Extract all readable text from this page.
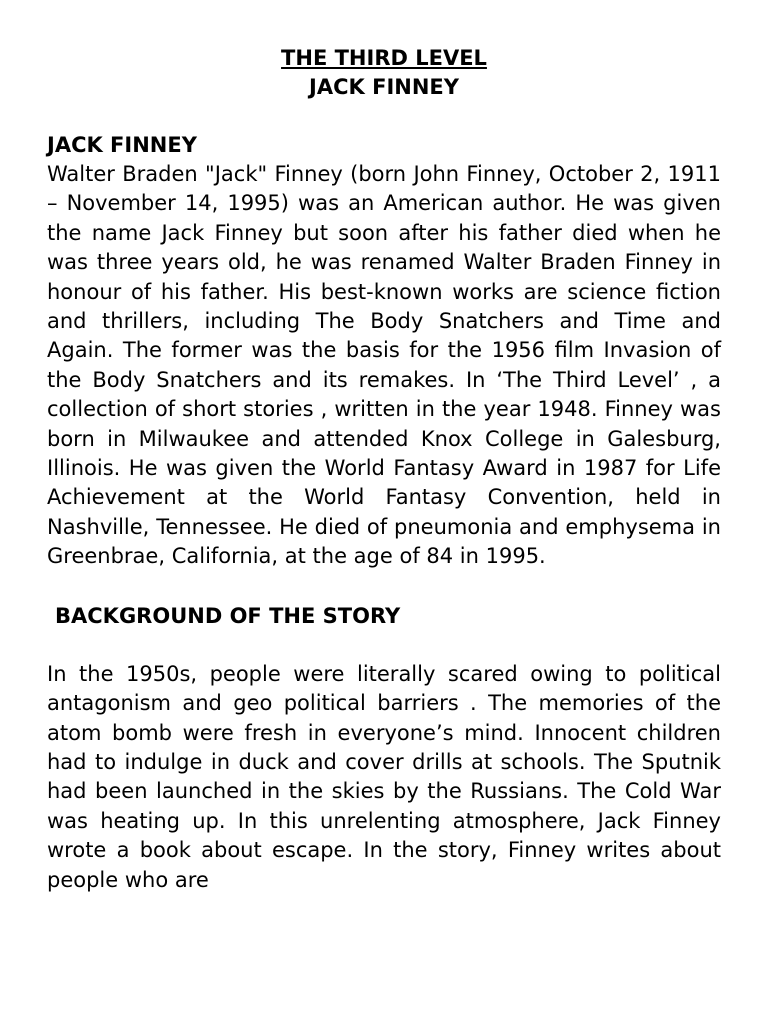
THE THIRD LEVEL
JACK FINNEY
JACK FINNEY

Walter Braden "Jack" Finney (born John Finney, October 2, 1911 – November 14, 1995) was an American author. He was given the name Jack Finney but soon after his father died when he was three years old, he was renamed Walter Braden Finney in honour of his father. His best-known works are science fiction and thrillers, including The Body Snatchers and Time and Again. The former was the basis for the 1956 film Invasion of the Body Snatchers and its remakes. In ‘The Third Level’ , a collection of short stories , written in the year 1948. Finney was born in Milwaukee and attended Knox College in Galesburg, Illinois. He was given the World Fantasy Award in 1987 for Life Achievement at the World Fantasy Convention, held in Nashville, Tennessee. He died of pneumonia and emphysema in Greenbrae, California, at the age of 84 in 1995.

BACKGROUND OF THE STORY

In the 1950s, people were literally scared owing to political antagonism and geo political barriers . The memories of the atom bomb were fresh in everyone’s mind. Innocent children had to indulge in duck and cover drills at schools. The Sputnik had been launched in the skies by the Russians. The Cold War was heating up. In this unrelenting atmosphere, Jack Finney wrote a book about escape. In the story, Finney writes about people who are
